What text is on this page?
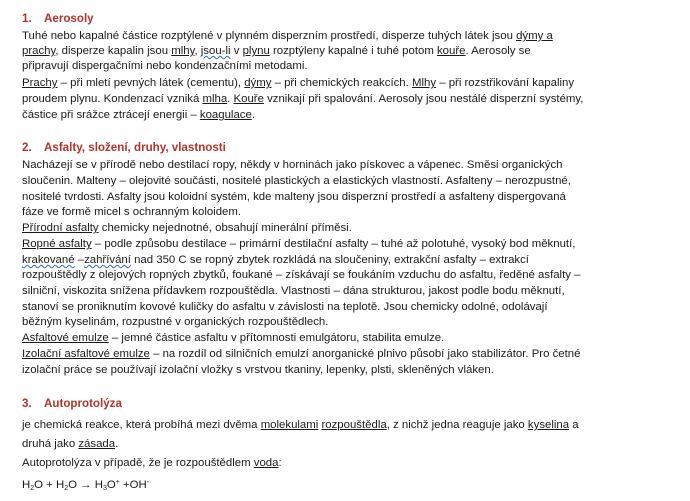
1. Aerosoly
Tuhé nebo kapalné částice rozptýlené v plynném disperzním prostředí, disperze tuhých látek jsou dýmy a
prachy, disperze kapalin jsou mlhy, jsou-li v plynu rozptýleny kapalné i tuhé potom kouře. Aerosoly se
připravují dispergačními nebo kondenzačními metodami.
Prachy – při mletí pevných látek (cementu), dýmy – při chemických reakcích. Mlhy – při rozstřikování kapaliny
proudem plynu. Kondenzací vzniká mlha. Kouře vznikají při spalování. Aerosoly jsou nestálé disperzní systémy,
částice při srážce ztrácejí energii – koagulace.
2. Asfalty, složení, druhy, vlastnosti
Nacházejí se v přírodě nebo destilací ropy, někdy v horninách jako pískovec a vápenec. Směsi organických
sloučenin. Malteny – olejovité součásti, nositelé plastických a elastických vlastností. Asfalteny – nerozpustné,
nositelé tvrdosti. Asfalty jsou koloidní systém, kde malteny jsou disperzní prostředí a asfalteny dispergovaná
fáze ve formě micel s ochranným koloidem.
Přírodní asfalty chemicky nejednotné, obsahují minerální příměsi.
Ropné asfalty – podle způsobu destilace – primární destilační asfalty – tuhé až polotuhé, vysoký bod měknutí,
krakované –zahřívání nad 350 C se ropný zbytek rozkládá na sloučeniny, extrakční asfalty – extrakcí
rozpouštědly z olejových ropných zbytků, foukané – získávají se foukáním vzduchu do asfaltu, ředěné asfalty –
silniční, viskozita snížena přídavkem rozpouštědla. Vlastnosti – dána strukturou, jakost podle bodu měknutí,
stanoví se proniknutím kovové kuličky do asfaltu v závislosti na teplotě. Jsou chemicky odolné, odolávají
běžným kyselinám, rozpustné v organických rozpouštědlech.
Asfaltové emulze – jemné částice asfaltu v přítomnosti emulgátoru, stabilita emulze.
Izolační asfaltové emulze – na rozdíl od silničních emulzí anorganické plnivo působí jako stabilizátor. Pro četné
izolační práce se používají izolační vložky s vrstvou tkaniny, lepenky, plsti, skleněných vláken.
3. Autoprotolýza
je chemická reakce, která probíhá mezi dvěma molekulami rozpouštědla, z nichž jedna reaguje jako kyselina a
druhá jako zásada.
Autoprotolýza v případě, že je rozpouštědlem voda:
$H_2O + H_2O \to H_3O^+ +OH^-$
